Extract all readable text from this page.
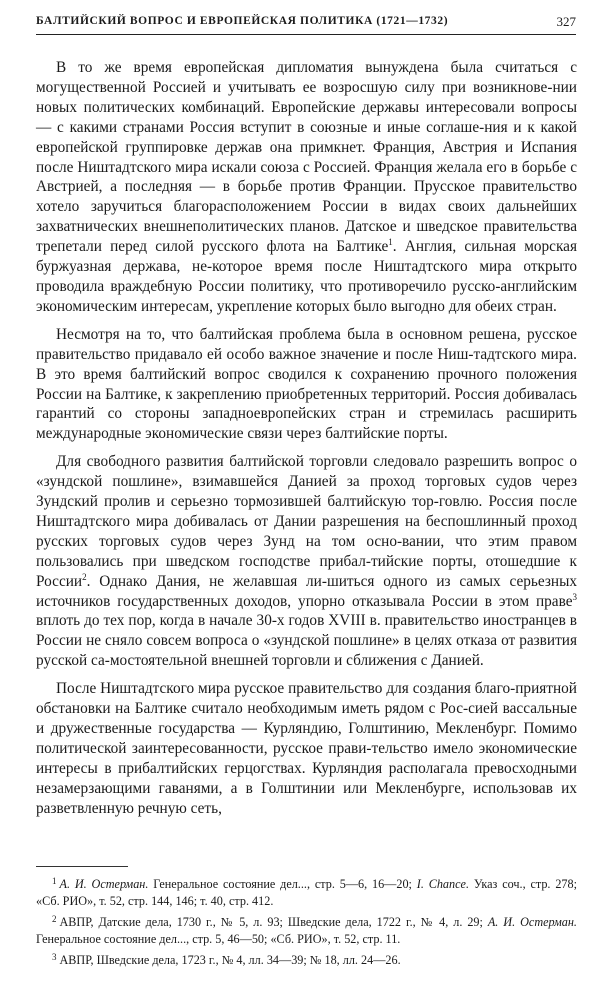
БАЛТИЙСКИЙ ВОПРОС И ЕВРОПЕЙСКАЯ ПОЛИТИКА (1721—1732)	327

В то же время европейская дипломатия вынуждена была считаться с могущественной Россией и учитывать ее возросшую силу при возникнове-нии новых политических комбинаций. Европейские державы интересовали вопросы — с какими странами Россия вступит в союзные и иные соглаше-ния и к какой европейской группировке держав она примкнет. Франция, Австрия и Испания после Ништадтского мира искали союза с Россией. Франция желала его в борьбе с Австрией, а последняя — в борьбе против Франции. Прусское правительство хотело заручиться благорасположением России в видах своих дальнейших захватнических внешнеполитических планов. Датское и шведское правительства трепетали перед силой русского флота на Балтике$^1$. Англия, сильная морская буржуазная держава, не-которое время после Ништадтского мира открыто проводила враждебную России политику, что противоречило русско-английским экономическим интересам, укрепление которых было выгодно для обеих стран.

Несмотря на то, что балтийская проблема была в основном решена, русское правительство придавало ей особо важное значение и после Ниш-тадтского мира. В это время балтийский вопрос сводился к сохранению прочного положения России на Балтике, к закреплению приобретенных территорий. Россия добивалась гарантий со стороны западноевропейских стран и стремилась расширить международные экономические связи через балтийские порты.

Для свободного развития балтийской торговли следовало разрешить вопрос о «зундской пошлине», взимавшейся Данией за проход торговых судов через Зундский пролив и серьезно тормозившей балтийскую тор-говлю. Россия после Ништадтского мира добивалась от Дании разрешения на беспошлинный проход русских торговых судов через Зунд на том осно-вании, что этим правом пользовались при шведском господстве прибал-тийские порты, отошедшие к России$^2$. Однако Дания, не желавшая ли-шиться одного из самых серьезных источников государственных доходов, упорно отказывала России в этом праве$^3$ вплоть до тех пор, когда в начале 30-х годов XVIII в. правительство иностранцев в России не сняло совсем вопроса о «зундской пошлине» в целях отказа от развития русской са-мостоятельной внешней торговли и сближения с Данией.

После Ништадтского мира русское правительство для создания благо-приятной обстановки на Балтике считало необходимым иметь рядом с Рос-сией вассальные и дружественные государства — Курляндию, Голштинию, Мекленбург. Помимо политической заинтересованности, русское прави-тельство имело экономические интересы в прибалтийских герцогствах. Курляндия располагала превосходными незамерзающими гаванями, а в Голштинии или Мекленбурге, использовав их разветвленную речную сеть,

$^1$ А. И. Остерман. Генеральное состояние дел..., стр. 5—6, 16—20; I. Chance. Указ соч., стр. 278; «Сб. РИО», т. 52, стр. 144, 146; т. 40, стр. 412.

$^2$ АВПР, Датские дела, 1730 г., № 5, л. 93; Шведские дела, 1722 г., № 4, л. 29; А. И. Остерман. Генеральное состояние дел..., стр. 5, 46—50; «Сб. РИО», т. 52, стр. 11.

$^3$ АВПР, Шведские дела, 1723 г., № 4, лл. 34—39; № 18, лл. 24—26.
